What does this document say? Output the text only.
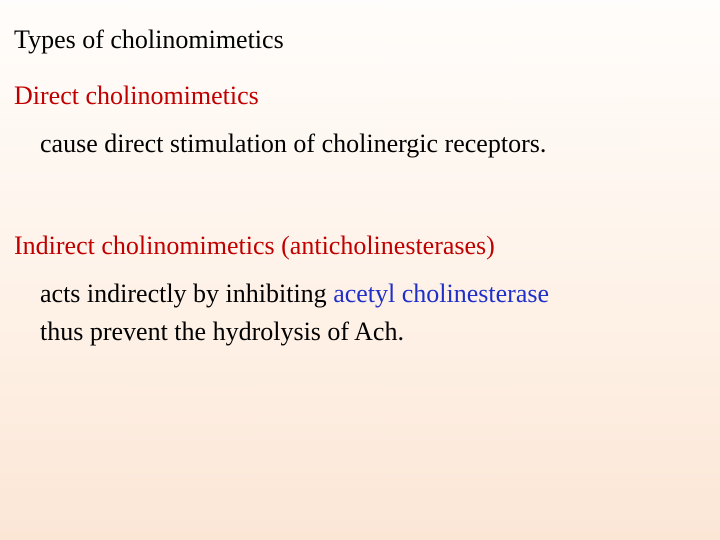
Types of cholinomimetics
Direct cholinomimetics
cause direct stimulation of cholinergic receptors.
Indirect cholinomimetics (anticholinesterases)
acts indirectly by inhibiting acetyl cholinesterase
thus prevent the hydrolysis of Ach.
